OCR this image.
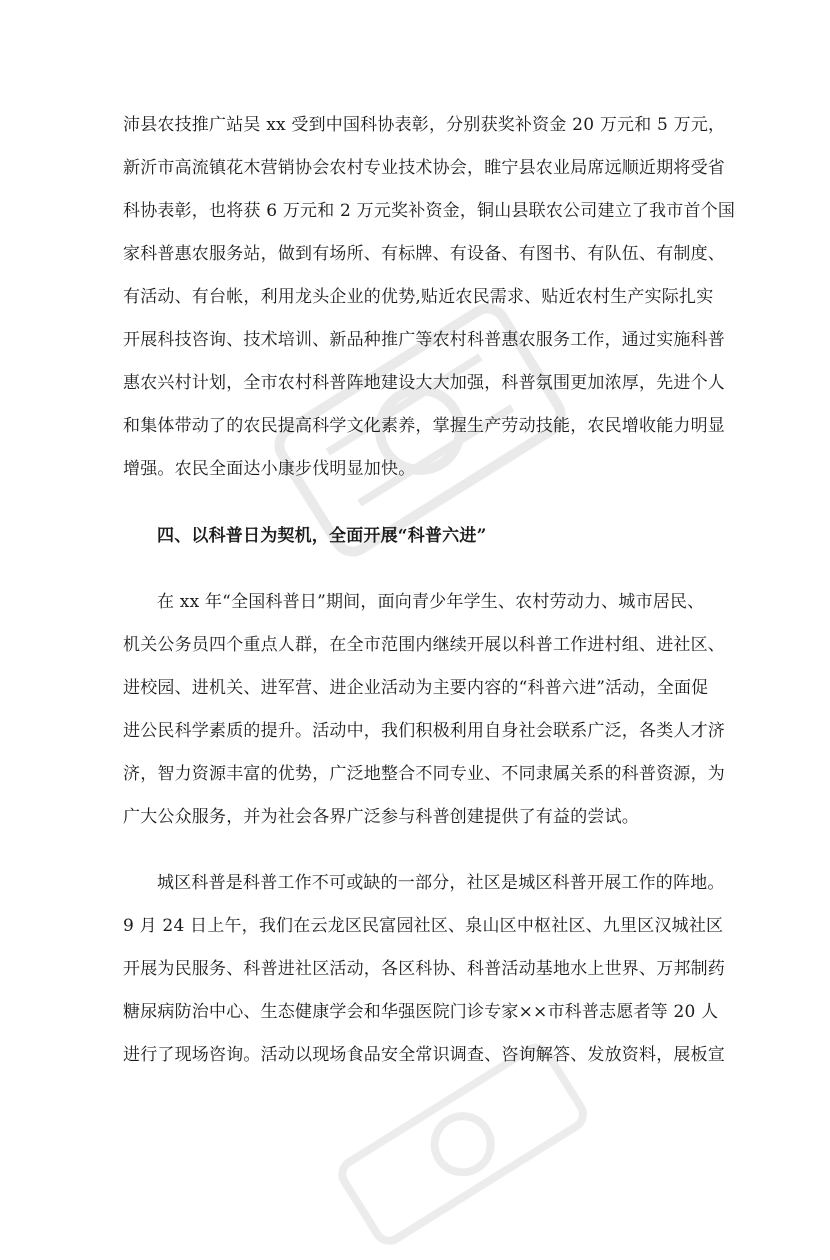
沛县农技推广站吴 xx 受到中国科协表彰，分别获奖补资金 20 万元和 5 万元，
新沂市高流镇花木营销协会农村专业技术协会，睢宁县农业局席远顺近期将受省
科协表彰，也将获 6 万元和 2 万元奖补资金，铜山县联农公司建立了我市首个国
家科普惠农服务站，做到有场所、有标牌、有设备、有图书、有队伍、有制度、
有活动、有台帐，利用龙头企业的优势,贴近农民需求、贴近农村生产实际扎实
开展科技咨询、技术培训、新品种推广等农村科普惠农服务工作，通过实施科普
惠农兴村计划，全市农村科普阵地建设大大加强，科普氛围更加浓厚，先进个人
和集体带动了的农民提高科学文化素养，掌握生产劳动技能，农民增收能力明显
增强。农民全面达小康步伐明显加快。
四、以科普日为契机，全面开展“科普六进”
在 xx 年“全国科普日”期间，面向青少年学生、农村劳动力、城市居民、
机关公务员四个重点人群，在全市范围内继续开展以科普工作进村组、进社区、
进校园、进机关、进军营、进企业活动为主要内容的“科普六进”活动，全面促
进公民科学素质的提升。活动中，我们积极利用自身社会联系广泛，各类人才济
济，智力资源丰富的优势，广泛地整合不同专业、不同隶属关系的科普资源，为
广大公众服务，并为社会各界广泛参与科普创建提供了有益的尝试。
城区科普是科普工作不可或缺的一部分，社区是城区科普开展工作的阵地。
9 月 24 日上午，我们在云龙区民富园社区、泉山区中枢社区、九里区汉城社区
开展为民服务、科普进社区活动，各区科协、科普活动基地水上世界、万邦制药
糖尿病防治中心、生态健康学会和华强医院门诊专家××市科普志愿者等 20 人
进行了现场咨询。活动以现场食品安全常识调查、咨询解答、发放资料，展板宣
